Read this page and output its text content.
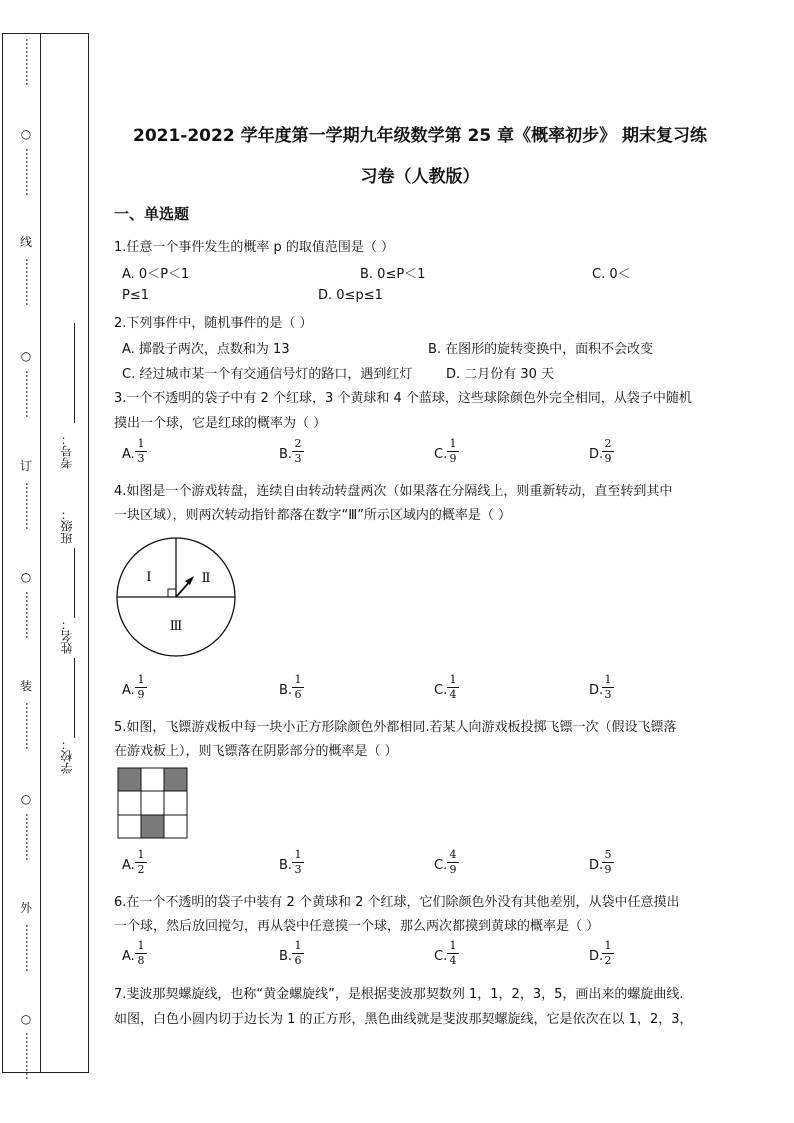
…………
○
…………
线
…………
○
…………
订
…………
○
…………
装
…………
○
…………
外
…………
○
…………
考号：
班级：
姓名：
学校：
2021-2022 学年度第一学期九年级数学第 25 章《概率初步》 期末复习练
习卷（人教版）
一、单选题
1.任意一个事件发生的概率 p 的取值范围是（ ）
A. 0＜P＜1	B. 0≤P＜1	C. 0＜
P≤1	D. 0≤p≤1
2.下列事件中，随机事件的是（ ）
A. 掷骰子两次，点数和为 13	B. 在图形的旋转变换中，面积不会改变
C. 经过城市某一个有交通信号灯的路口，遇到红灯	D. 二月份有 30 天
3.一个不透明的袋子中有 2 个红球，3 个黄球和 4 个蓝球，这些球除颜色外完全相同，从袋子中随机
摸出一个球，它是红球的概率为（ ）
A.
1
3	B.
2
3	C.
1
9	D.
2
9
4.如图是一个游戏转盘，连续自由转动转盘两次（如果落在分隔线上，则重新转动，直至转到其中
一块区域），则两次转动指针都落在数字“Ⅲ”所示区域内的概率是（ ）
Ⅰ	Ⅱ
Ⅲ
A.
1
9	B.
1
6	C.
1
4	D.
1
3
5.如图，飞镖游戏板中每一块小正方形除颜色外都相同.若某人向游戏板投掷飞镖一次（假设飞镖落
在游戏板上），则飞镖落在阴影部分的概率是（ ）
A.
1
2	B.
1
3	C.
4
9	D.
5
9
6.在一个不透明的袋子中装有 2 个黄球和 2 个红球，它们除颜色外没有其他差别，从袋中任意摸出
一个球，然后放回搅匀，再从袋中任意摸一个球，那么两次都摸到黄球的概率是（ ）
A.
1
8	B.
1
6	C.
1
4	D.
1
2
7.斐波那契螺旋线，也称“黄金螺旋线”，是根据斐波那契数列 1，1，2，3，5，画出来的螺旋曲线.
如图，白色小圆内切于边长为 1 的正方形，黑色曲线就是斐波那契螺旋线，它是依次在以 1，2，3，
